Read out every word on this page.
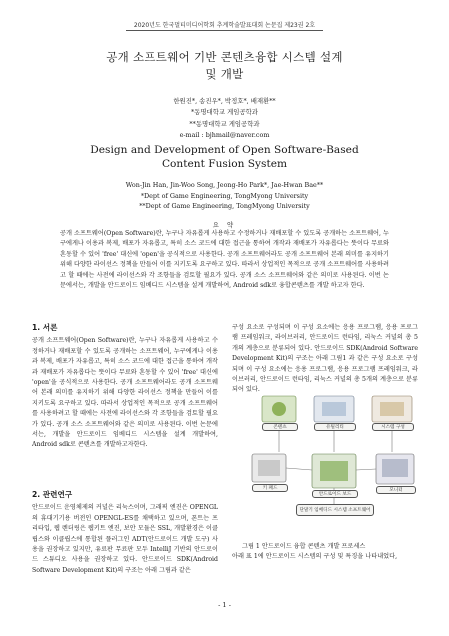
2020년도 한국멀티미디어학회 추계학술발표대회 논문집 제23권 2호
공개 소프트웨어 기반 콘텐츠융합 시스템 설계
및 개발
한원진*, 송진우*, 박정호*, 배재환**
*동명대학교 게임공학과
**동명대학교 게임공학과
e-mail : bjhmail@naver.com
Design and Development of Open Software-Based
Content Fusion System
Won-Jin Han, Jin-Woo Song, Jeong-Ho Park*, Jae-Hwan Bae**
*Dept of Game Engineering, TongMyong University
**Dept of Game Engineering, TongMyong University
요 약
공개 소프트웨어(Open Software)란, 누구나 자유롭게 사용하고 수정하거나 재배포할 수 있도록 공개하는 소프트웨어, 누구에게나 이용과 복제, 배포가 자유롭고, 특히 소스 코드에 대한 접근을 통하여 개작과 재배포가 자유롭다는 뜻이다 무료와 혼동할 수 있어 'free' 대신에 'open'을 공식적으로 사용한다. 공개 소프트웨어라도 공개 소프트웨어 본래 의미를 유지하기 위해 다양한 라이선스 정책을 만들어 이를 지키도록 요구하고 있다. 따라서 상업적인 목적으로 공개 소프트웨어를 사용하려고 할 때에는 사전에 라이선스와 각 조항들을 검토할 필요가 있다. 공개 소스 소프트웨어와 같은 의미로 사용된다. 이번 논문에서는, 개발을 안드로이드 임베디드 시스템을 설계 개발하여, Android sdk로 융합콘텐츠를 개발 하고자 한다.
1. 서론
공개 소프트웨어(Open Software)란, 누구나 자유롭게 사용하고 수정하거나 재배포할 수 있도록 공개하는 소프트웨어, 누구에게나 이용과 복제, 배포가 자유롭고, 특히 소스 코드에 대한 접근을 통하여 개작과 재배포가 자유롭다는 뜻이다 무료와 혼동할 수 있어 'free' 대신에 'open'을 공식적으로 사용한다. 공개 소프트웨어라도 공개 소프트웨어 본래 의미를 유지하기 위해 다양한 라이선스 정책을 만들어 이를 지키도록 요구하고 있다. 따라서 상업적인 목적으로 공개 소프트웨어를 사용하려고 할 때에는 사전에 라이선스와 각 조항들을 검토할 필요가 있다. 공개 소스 소프트웨어와 같은 의미로 사용된다. 이번 논문에서는, 개발을 안드로이드 임베디드 시스템을 설계 개발하여, Android sdk로 콘텐츠를 개발하고자한다.
2. 관련연구
안드로이드 운영체제의 커널은 리눅스이며, 그래픽 엔진은 OPENGL의 휴대기기용 버전인 OPENGL-ES를 채택하고 있으며, 폰트는 프리타입, 웹 렌더링은 웹키트 엔진, 보안 모듈은 SSL, 개발환경은 이클립스와 이클립스에 통합된 플러그인 ADT(안드로이드 개발 도구) 사용을 권장하고 있지만, 유료판 무료판 모두 IntelliJ 기반의 안드로이드 스튜디오 사용을 권장하고 있다. 안드로이드 SDK(Android Software Development Kit)의 구조는 아래 그림과 같은
구성 요소로 구성되며 이 구성 요소에는 응용 프로그램, 응용 프로그램 프레임워크, 라이브러리, 안드로이드 런타임, 리눅스 커널의 총 5개의 계층으로 분류되어 있다. 안드로이드 SDK(Android Software Development Kit)의 구조는 아래 그림1 과 같은 구성 요소로 구성되며 이 구성 요소에는 응용 프로그램, 응용 프로그램 프레임워크, 라이브러리, 안드로이드 런타임, 리눅스 커널의 총 5개의 계층으로 분류되어 있다.
콘텐츠	유틸리티	시스템 구성
키 패드
안드로이드 보드
단말기 임베디드 시스템 소프트웨어
모니터
그림 1 안드로이드 융합 콘텐츠 개발 프로세스
아래 표 1에 안드로이드 시스템의 구성 및 특징을 나타내었다,
- 1 -
